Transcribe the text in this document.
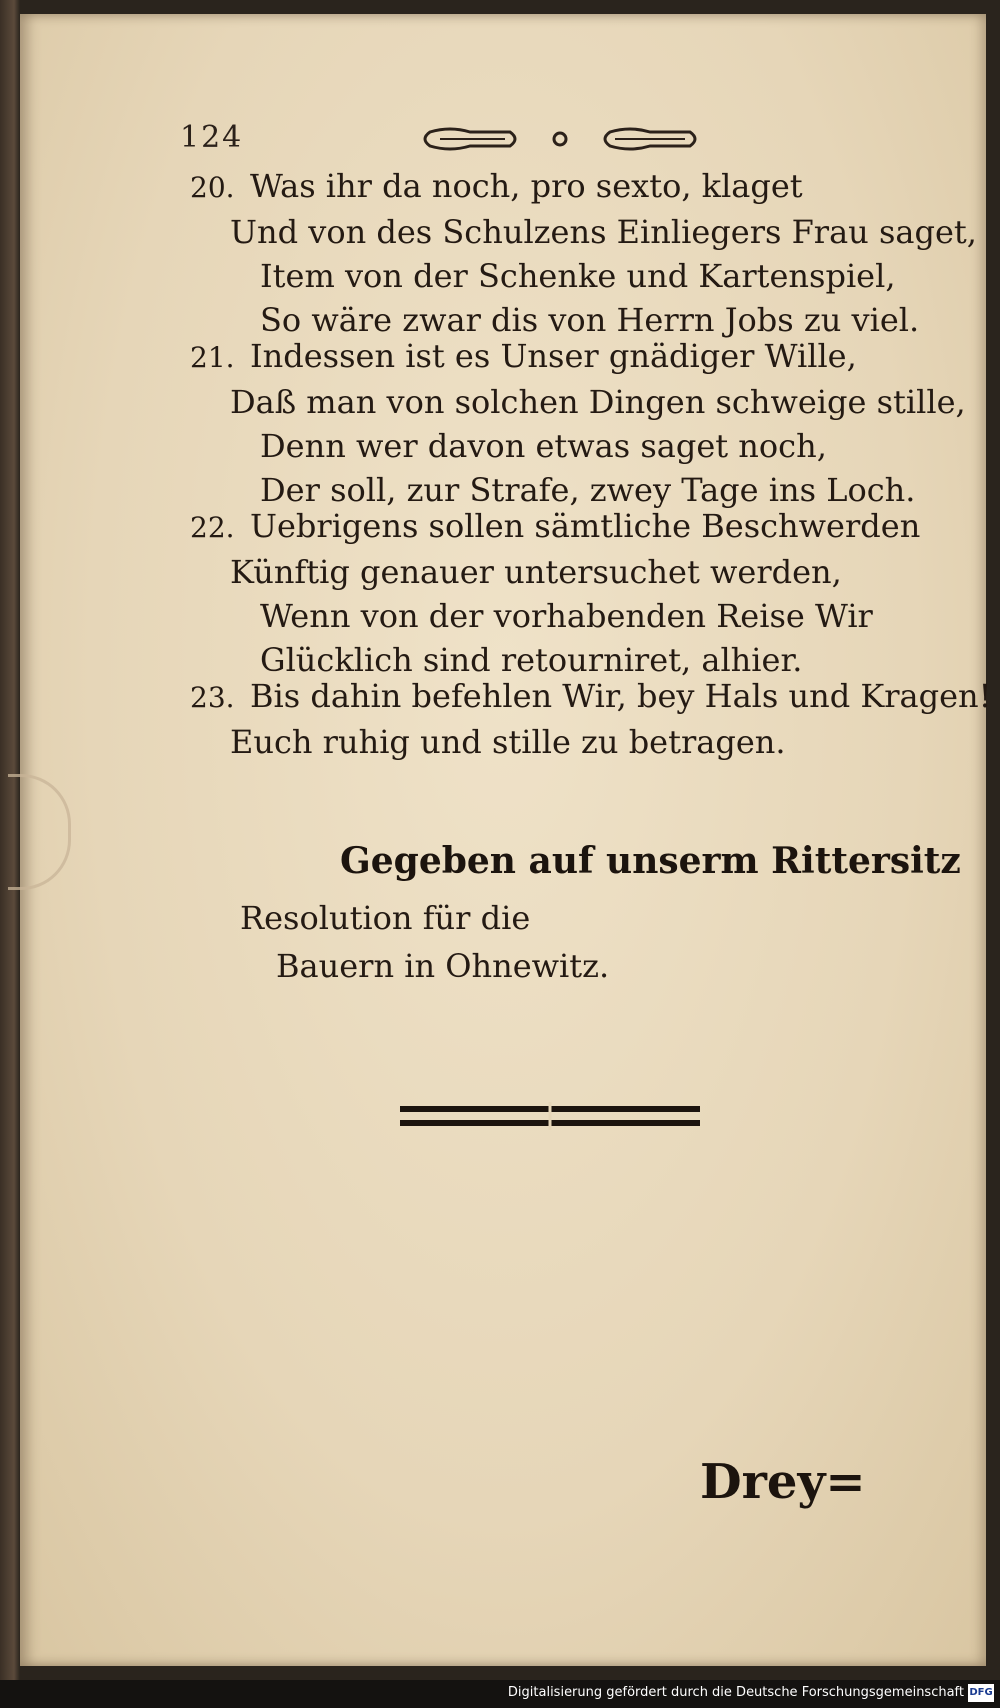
124
20. Was ihr da noch, pro sexto, klaget
Und von des Schulzens Einliegers Frau saget,
Item von der Schenke und Kartenspiel,
So wäre zwar dis von Herrn Jobs zu viel.
21. Indessen ist es Unser gnädiger Wille,
Daß man von solchen Dingen schweige stille,
Denn wer davon etwas saget noch,
Der soll, zur Strafe, zwey Tage ins Loch.
22. Uebrigens sollen sämtliche Beschwerden
Künftig genauer untersuchet werden,
Wenn von der vorhabenden Reise Wir
Glücklich sind retourniret, alhier.
23. Bis dahin befehlen Wir, bey Hals und Kragen!
Euch ruhig und stille zu betragen.
Gegeben auf unserm Rittersitz
Resolution für die
Bauern in Ohnewitz.
Drey=
Digitalisierung gefördert durch die Deutsche Forschungsgemeinschaft DFG
